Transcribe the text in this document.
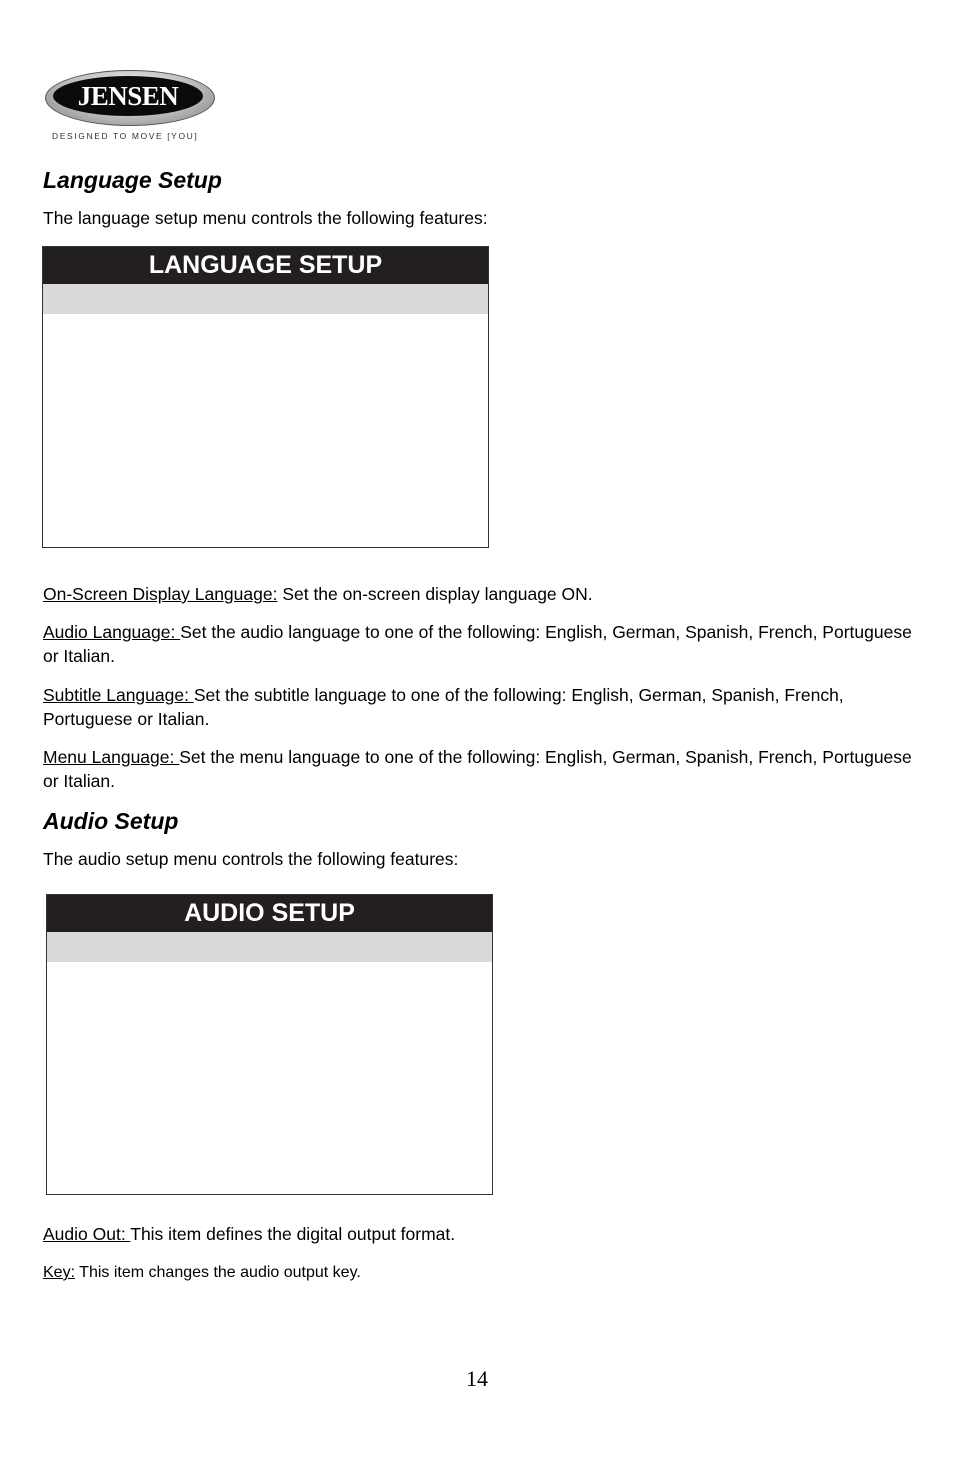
JENSEN
DESIGNED TO MOVE [YOU]
Language Setup

The language setup menu controls the following features:

LANGUAGE SETUP

On-Screen Display Language: Set the on-screen display language ON.

Audio Language: Set the audio language to one of the following: English, German, Spanish, French, Portuguese or Italian.

Subtitle Language: Set the subtitle language to one of the following: English, German, Spanish, French, Portuguese or Italian.

Menu Language: Set the menu language to one of the following: English, German, Spanish, French, Portuguese or Italian.

Audio Setup

The audio setup menu controls the following features:

AUDIO SETUP

Audio Out: This item defines the digital output format.

Key: This item changes the audio output key.

14
